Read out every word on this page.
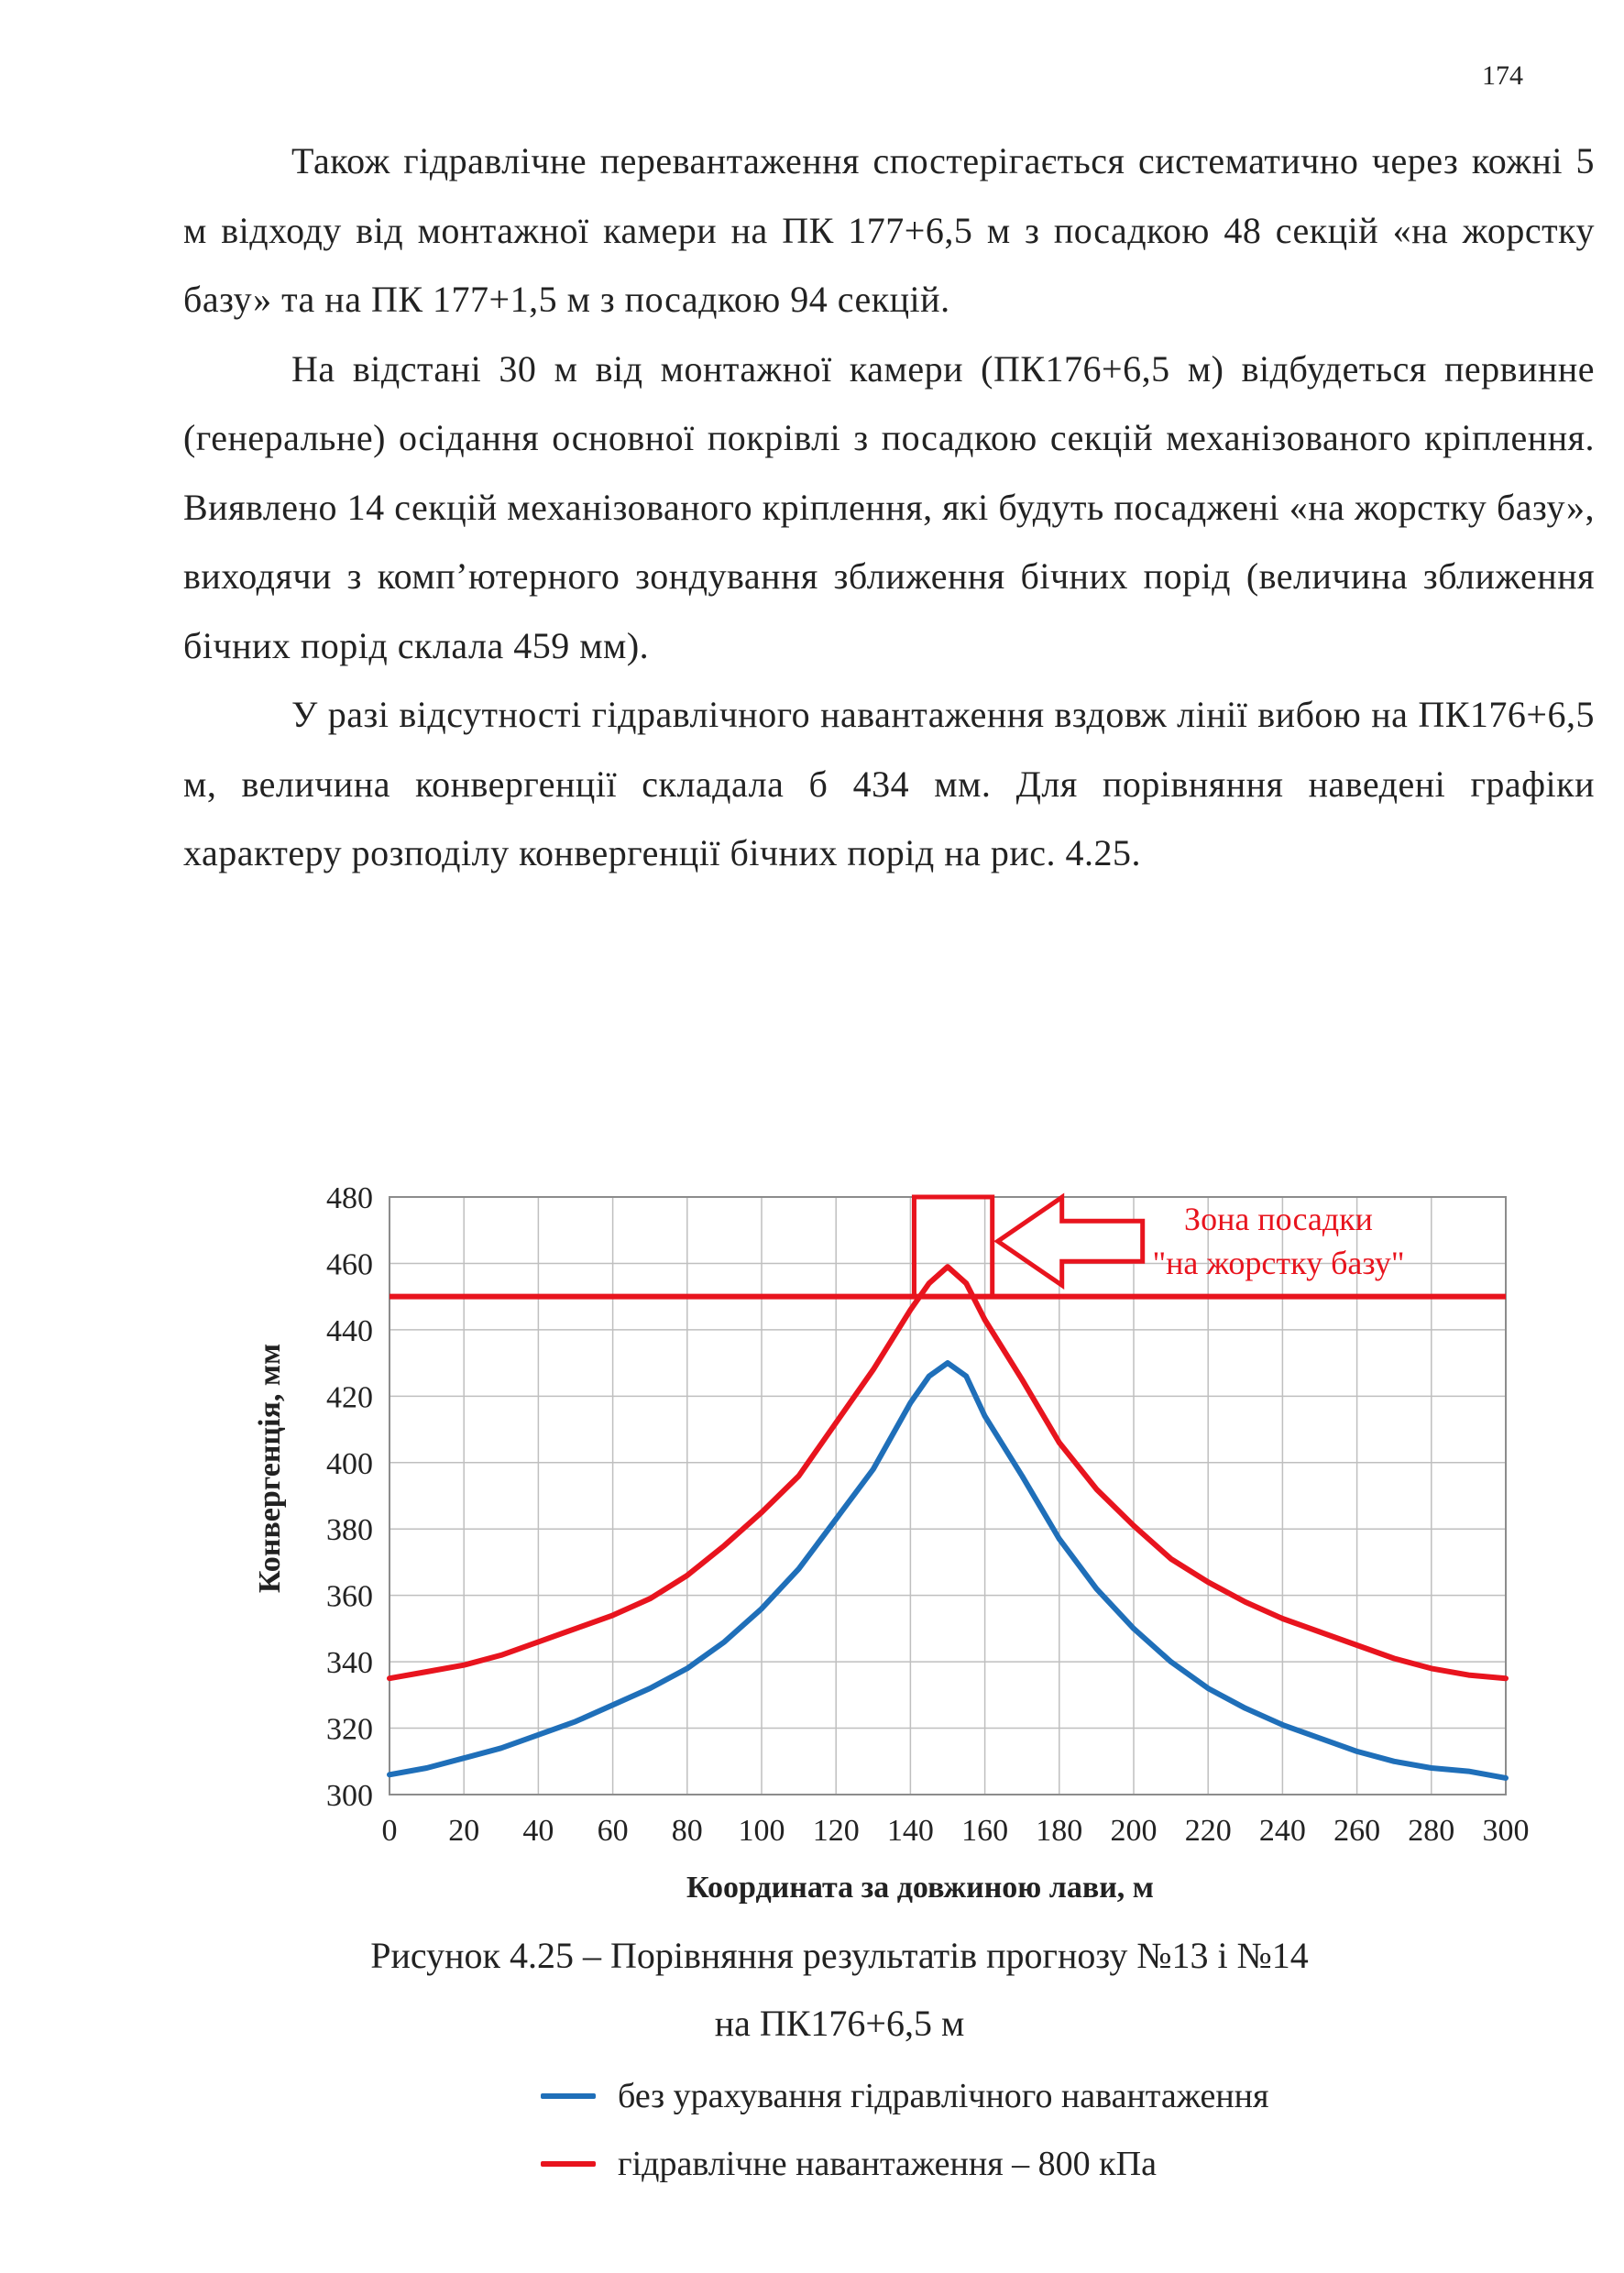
174

Також гідравлічне перевантаження спостерігається систематично через кожні 5 м відходу від монтажної камери на ПК 177+6,5 м з посадкою 48 секцій «на жорстку базу» та на ПК 177+1,5 м з посадкою 94 секцій.

На відстані 30 м від монтажної камери (ПК176+6,5 м) відбудеться первинне (генеральне) осідання основної покрівлі з посадкою секцій механізованого кріплення. Виявлено 14 секцій механізованого кріплення, які будуть посаджені «на жорстку базу», виходячи з комп’ютерного зондування зближення бічних порід (величина зближення бічних порід склала 459 мм).

У разі відсутності гідравлічного навантаження вздовж лінії вибою на ПК176+6,5 м, величина конвергенції складала б 434 мм. Для порівняння наведені графіки характеру розподілу конвергенції бічних порід на рис. 4.25.

0 20 40 60 80 100 120 140 160 180 200 220 240 260 280 300
300
320
340
360
380
400
420
440
460
480
Координата за довжиною лави, м
Конвергенція, мм
Зона посадки
"на жорстку базу"
Рисунок 4.25 – Порівняння результатів прогнозу №13 і №14
на ПК176+6,5 м
без урахування гідравлічного навантаження
гідравлічне навантаження – 800 кПа
